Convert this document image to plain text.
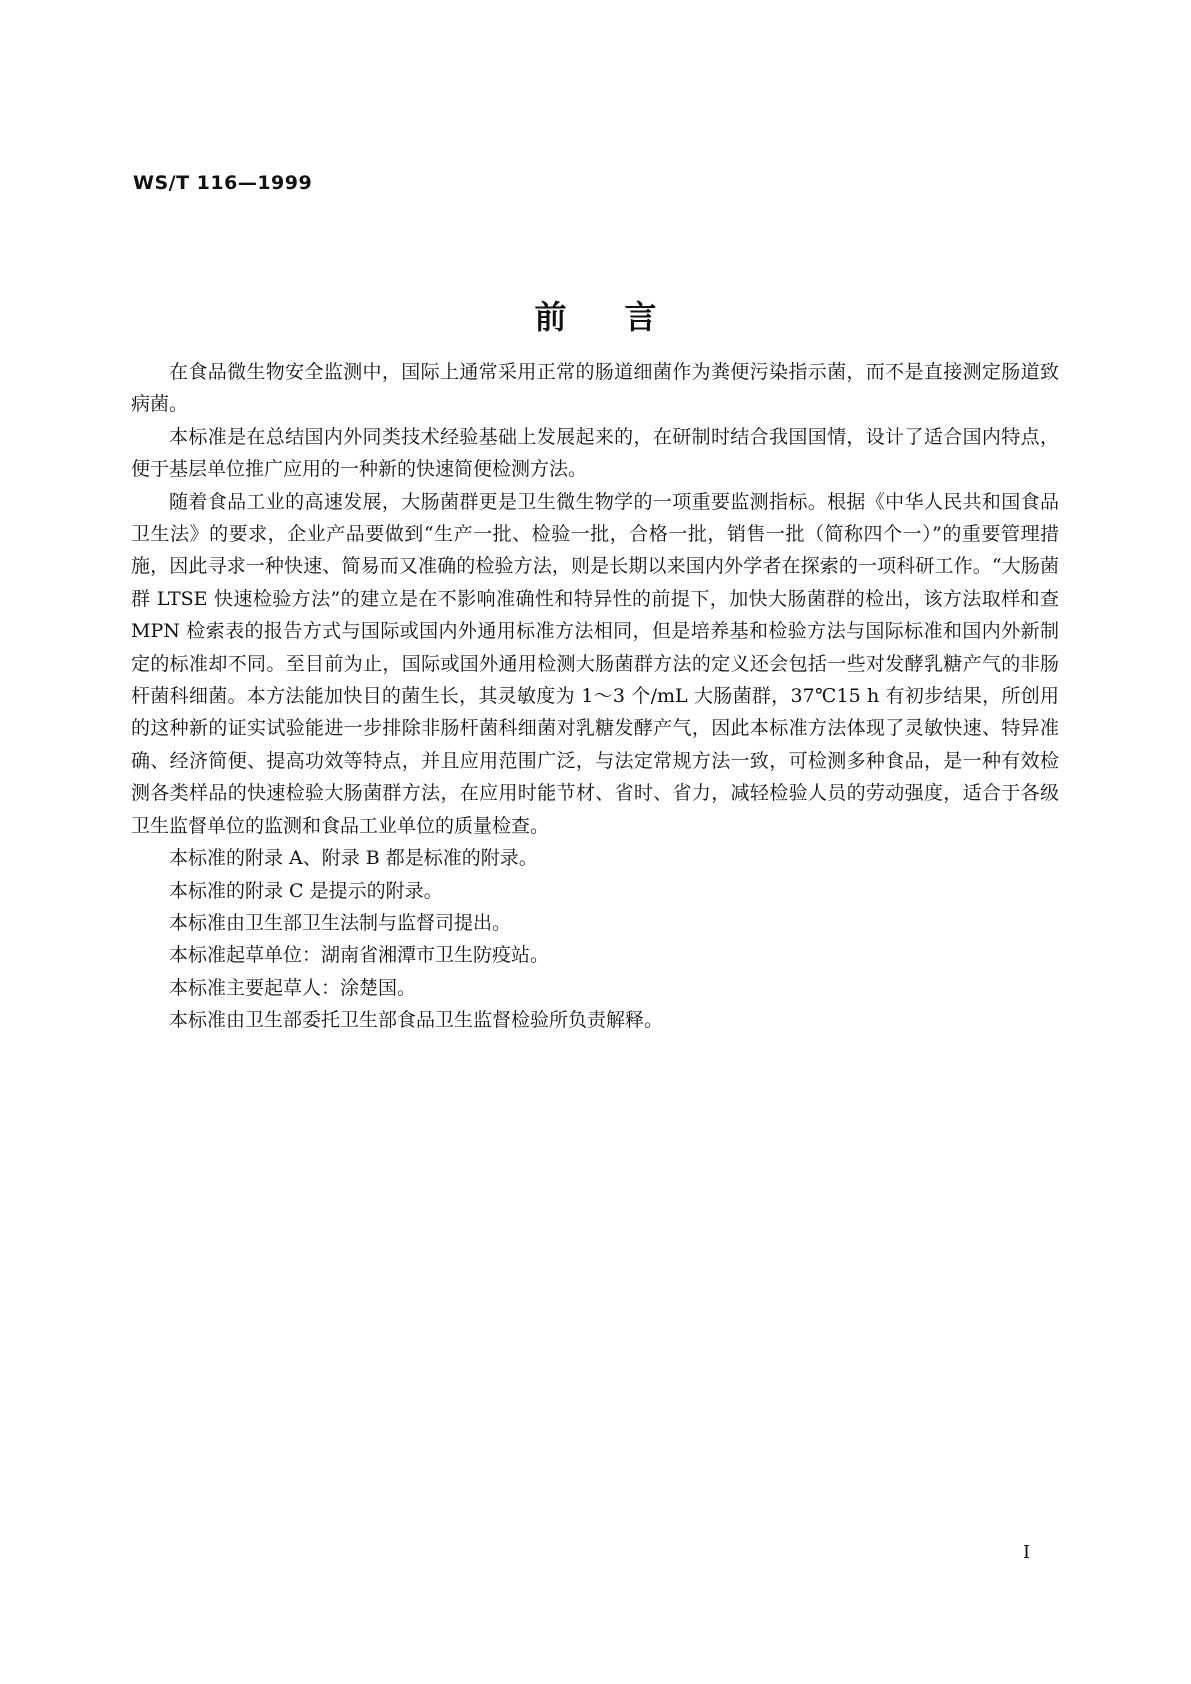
WS/T 116—1999
前 言

在食品微生物安全监测中，国际上通常采用正常的肠道细菌作为粪便污染指示菌，而不是直接测定肠道致病菌。

本标准是在总结国内外同类技术经验基础上发展起来的，在研制时结合我国国情，设计了适合国内特点，便于基层单位推广应用的一种新的快速简便检测方法。

随着食品工业的高速发展，大肠菌群更是卫生微生物学的一项重要监测指标。根据《中华人民共和国食品卫生法》的要求，企业产品要做到“生产一批、检验一批，合格一批，销售一批（简称四个一）”的重要管理措施，因此寻求一种快速、简易而又准确的检验方法，则是长期以来国内外学者在探索的一项科研工作。“大肠菌群 LTSE 快速检验方法”的建立是在不影响准确性和特异性的前提下，加快大肠菌群的检出，该方法取样和查 MPN 检索表的报告方式与国际或国内外通用标准方法相同，但是培养基和检验方法与国际标准和国内外新制定的标准却不同。至目前为止，国际或国外通用检测大肠菌群方法的定义还会包括一些对发酵乳糖产气的非肠杆菌科细菌。本方法能加快目的菌生长，其灵敏度为 1～3 个/mL 大肠菌群，37℃15 h 有初步结果，所创用的这种新的证实试验能进一步排除非肠杆菌科细菌对乳糖发酵产气，因此本标准方法体现了灵敏快速、特异准确、经济简便、提高功效等特点，并且应用范围广泛，与法定常规方法一致，可检测多种食品，是一种有效检测各类样品的快速检验大肠菌群方法，在应用时能节材、省时、省力，减轻检验人员的劳动强度，适合于各级卫生监督单位的监测和食品工业单位的质量检查。

本标准的附录 A、附录 B 都是标准的附录。

本标准的附录 C 是提示的附录。

本标准由卫生部卫生法制与监督司提出。

本标准起草单位：湖南省湘潭市卫生防疫站。

本标准主要起草人：涂楚国。

本标准由卫生部委托卫生部食品卫生监督检验所负责解释。

I
